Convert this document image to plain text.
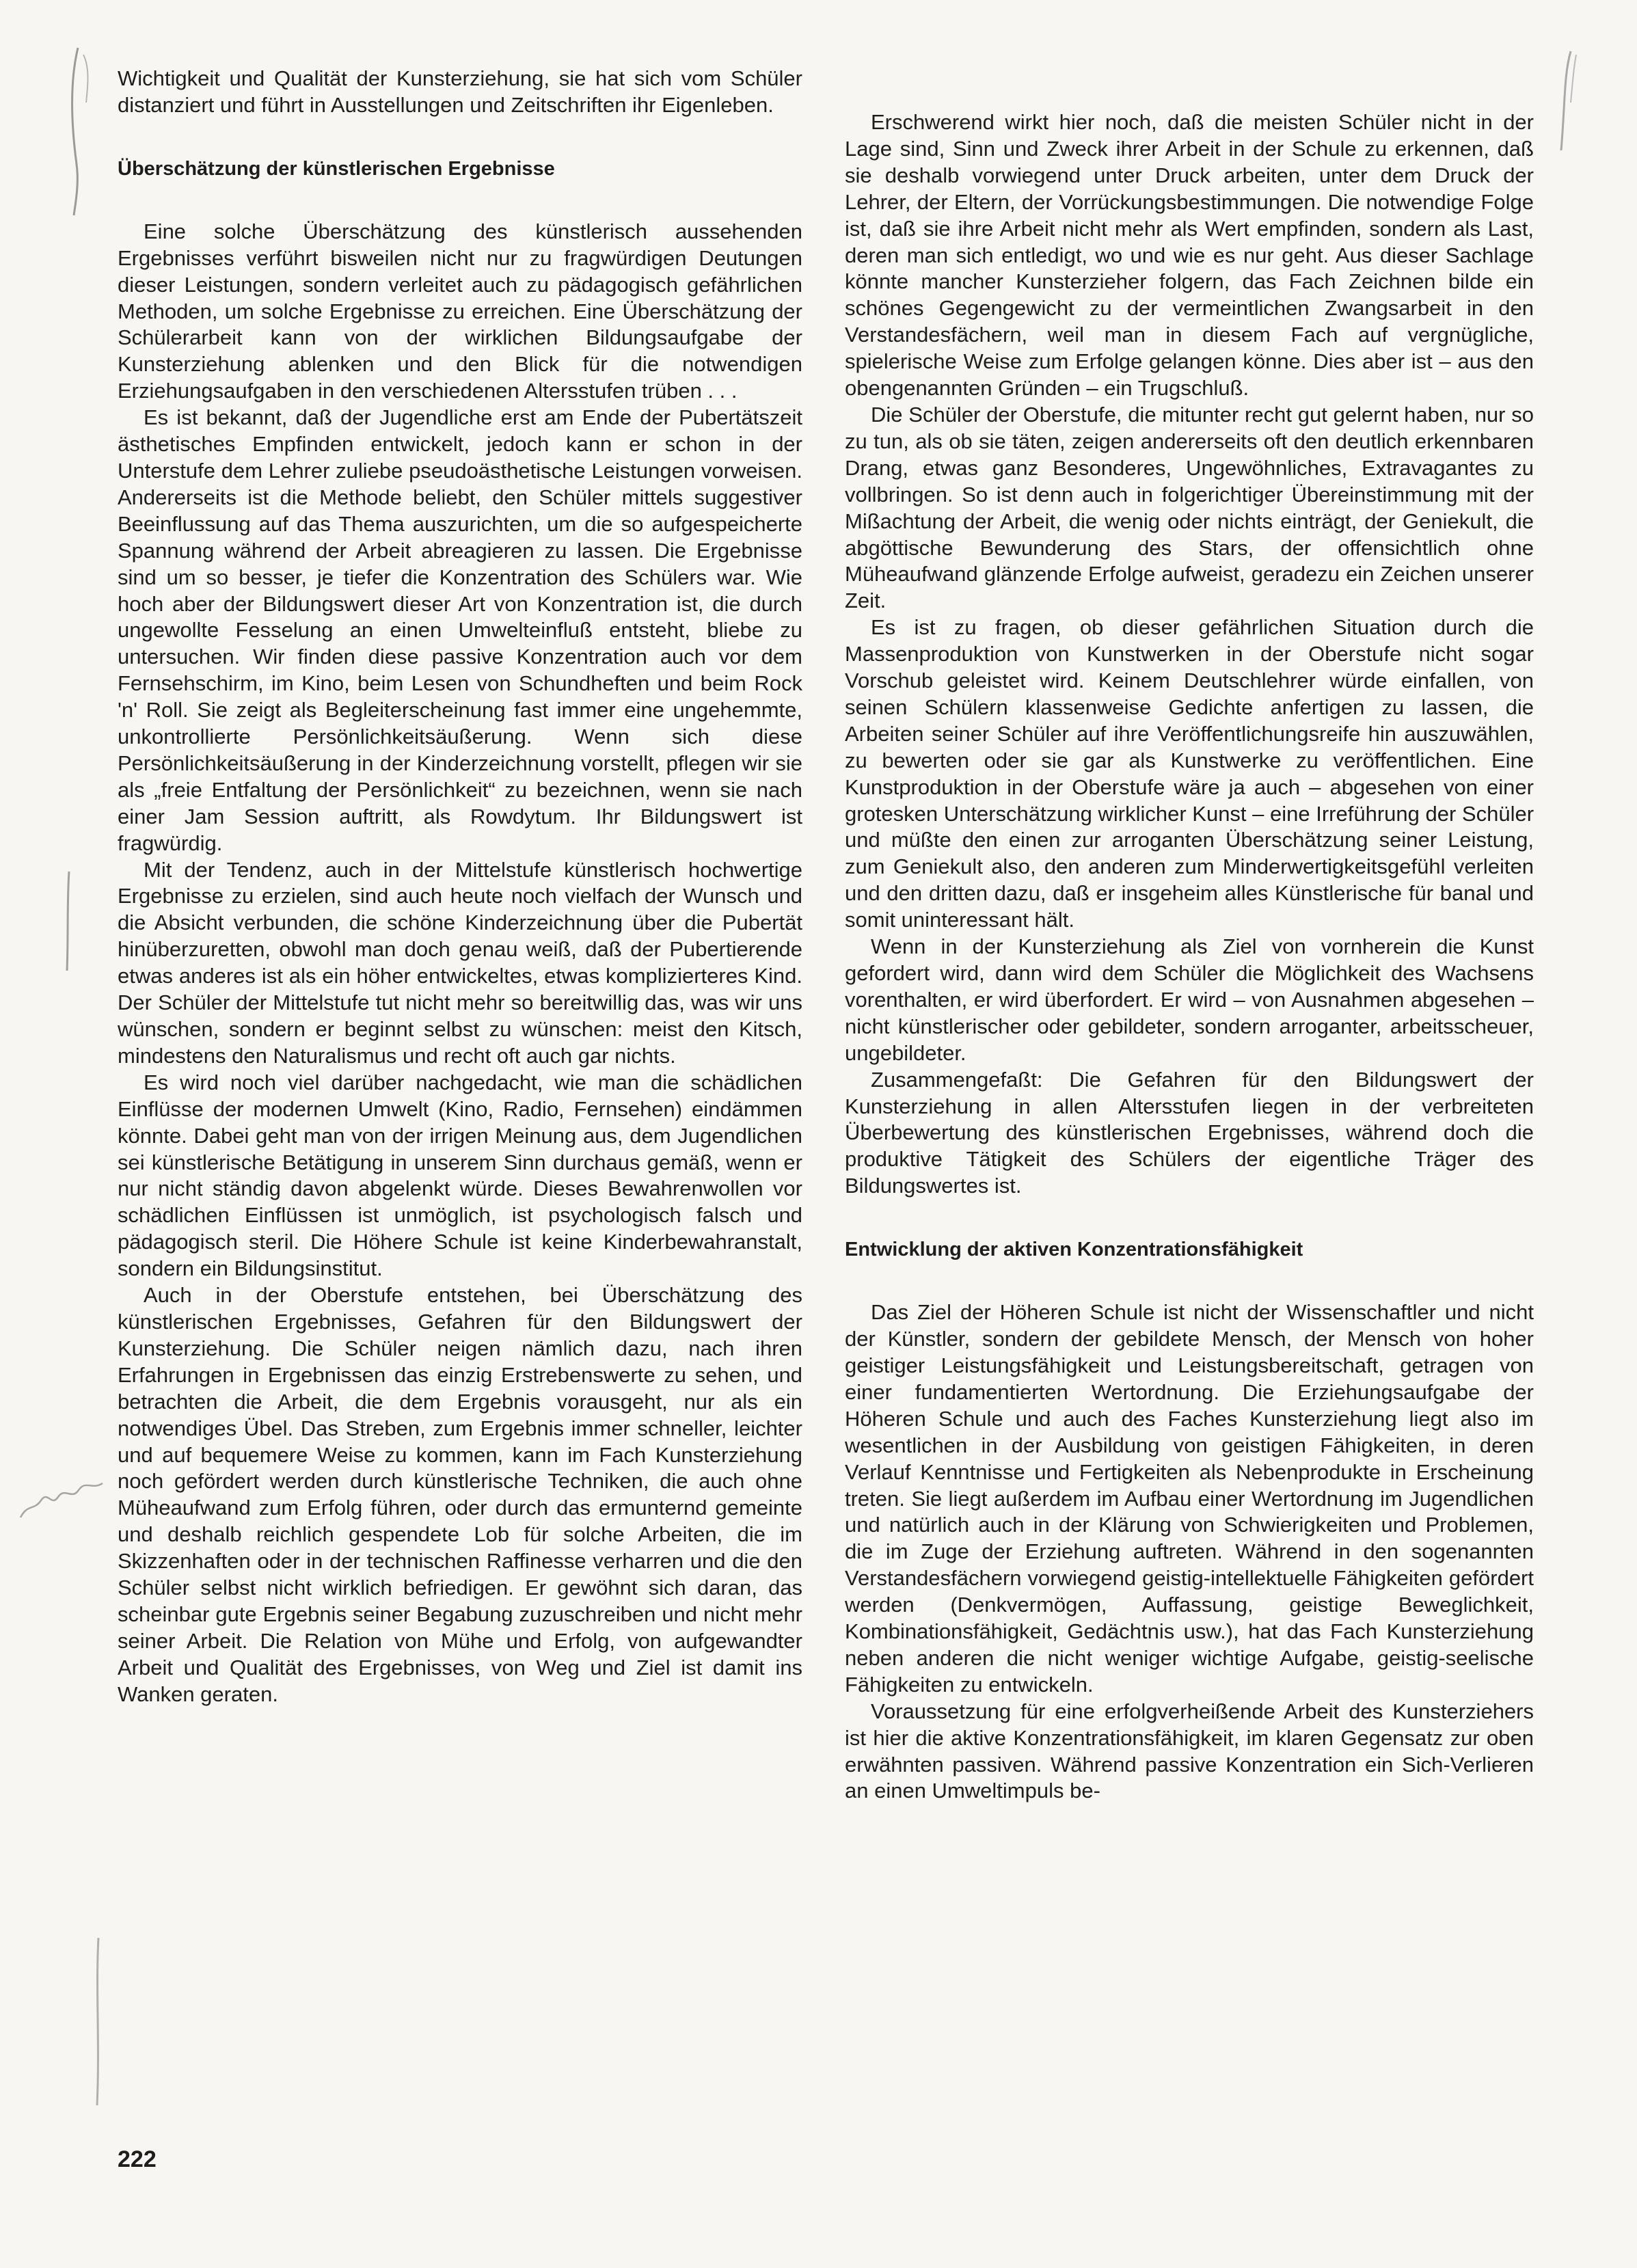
Wichtigkeit und Qualität der Kunsterziehung, sie hat sich vom Schüler distanziert und führt in Ausstellungen und Zeitschriften ihr Eigenleben.

Überschätzung der künstlerischen Ergebnisse

Eine solche Überschätzung des künstlerisch aussehenden Ergebnisses verführt bisweilen nicht nur zu fragwürdigen Deutungen dieser Leistungen, sondern verleitet auch zu pädagogisch gefährlichen Methoden, um solche Ergebnisse zu erreichen. Eine Überschätzung der Schülerarbeit kann von der wirklichen Bildungsaufgabe der Kunsterziehung ablenken und den Blick für die notwendigen Erziehungsaufgaben in den verschiedenen Altersstufen trüben . . .

Es ist bekannt, daß der Jugendliche erst am Ende der Pubertätszeit ästhetisches Empfinden entwickelt, jedoch kann er schon in der Unterstufe dem Lehrer zuliebe pseudoästhetische Leistungen vorweisen. Andererseits ist die Methode beliebt, den Schüler mittels suggestiver Beeinflussung auf das Thema auszurichten, um die so aufgespeicherte Spannung während der Arbeit abreagieren zu lassen. Die Ergebnisse sind um so besser, je tiefer die Konzentration des Schülers war. Wie hoch aber der Bildungswert dieser Art von Konzentration ist, die durch ungewollte Fesselung an einen Umwelteinfluß entsteht, bliebe zu untersuchen. Wir finden diese passive Konzentration auch vor dem Fernsehschirm, im Kino, beim Lesen von Schundheften und beim Rock 'n' Roll. Sie zeigt als Begleiterscheinung fast immer eine ungehemmte, unkontrollierte Persönlichkeitsäußerung. Wenn sich diese Persönlichkeitsäußerung in der Kinderzeichnung vorstellt, pflegen wir sie als „freie Entfaltung der Persönlichkeit“ zu bezeichnen, wenn sie nach einer Jam Session auftritt, als Rowdytum. Ihr Bildungswert ist fragwürdig.

Mit der Tendenz, auch in der Mittelstufe künstlerisch hochwertige Ergebnisse zu erzielen, sind auch heute noch vielfach der Wunsch und die Absicht verbunden, die schöne Kinderzeichnung über die Pubertät hinüberzuretten, obwohl man doch genau weiß, daß der Pubertierende etwas anderes ist als ein höher entwickeltes, etwas komplizierteres Kind. Der Schüler der Mittelstufe tut nicht mehr so bereitwillig das, was wir uns wünschen, sondern er beginnt selbst zu wünschen: meist den Kitsch, mindestens den Naturalismus und recht oft auch gar nichts.

Es wird noch viel darüber nachgedacht, wie man die schädlichen Einflüsse der modernen Umwelt (Kino, Radio, Fernsehen) eindämmen könnte. Dabei geht man von der irrigen Meinung aus, dem Jugendlichen sei künstlerische Betätigung in unserem Sinn durchaus gemäß, wenn er nur nicht ständig davon abgelenkt würde. Dieses Bewahrenwollen vor schädlichen Einflüssen ist unmöglich, ist psychologisch falsch und pädagogisch steril. Die Höhere Schule ist keine Kinderbewahranstalt, sondern ein Bildungsinstitut.

Auch in der Oberstufe entstehen, bei Überschätzung des künstlerischen Ergebnisses, Gefahren für den Bildungswert der Kunsterziehung. Die Schüler neigen nämlich dazu, nach ihren Erfahrungen in Ergebnissen das einzig Erstrebenswerte zu sehen, und betrachten die Arbeit, die dem Ergebnis vorausgeht, nur als ein notwendiges Übel. Das Streben, zum Ergebnis immer schneller, leichter und auf bequemere Weise zu kommen, kann im Fach Kunsterziehung noch gefördert werden durch künstlerische Techniken, die auch ohne Müheaufwand zum Erfolg führen, oder durch das ermunternd gemeinte und deshalb reichlich gespendete Lob für solche Arbeiten, die im Skizzenhaften oder in der technischen Raffinesse verharren und die den Schüler selbst nicht wirklich befriedigen. Er gewöhnt sich daran, das scheinbar gute Ergebnis seiner Begabung zuzuschreiben und nicht mehr seiner Arbeit. Die Relation von Mühe und Erfolg, von aufgewandter Arbeit und Qualität des Ergebnisses, von Weg und Ziel ist damit ins Wanken geraten.

Erschwerend wirkt hier noch, daß die meisten Schüler nicht in der Lage sind, Sinn und Zweck ihrer Arbeit in der Schule zu erkennen, daß sie deshalb vorwiegend unter Druck arbeiten, unter dem Druck der Lehrer, der Eltern, der Vorrückungsbestimmungen. Die notwendige Folge ist, daß sie ihre Arbeit nicht mehr als Wert empfinden, sondern als Last, deren man sich entledigt, wo und wie es nur geht. Aus dieser Sachlage könnte mancher Kunsterzieher folgern, das Fach Zeichnen bilde ein schönes Gegengewicht zu der vermeintlichen Zwangsarbeit in den Verstandesfächern, weil man in diesem Fach auf vergnügliche, spielerische Weise zum Erfolge gelangen könne. Dies aber ist – aus den obengenannten Gründen – ein Trugschluß.

Die Schüler der Oberstufe, die mitunter recht gut gelernt haben, nur so zu tun, als ob sie täten, zeigen andererseits oft den deutlich erkennbaren Drang, etwas ganz Besonderes, Ungewöhnliches, Extravagantes zu vollbringen. So ist denn auch in folgerichtiger Übereinstimmung mit der Mißachtung der Arbeit, die wenig oder nichts einträgt, der Geniekult, die abgöttische Bewunderung des Stars, der offensichtlich ohne Müheaufwand glänzende Erfolge aufweist, geradezu ein Zeichen unserer Zeit.

Es ist zu fragen, ob dieser gefährlichen Situation durch die Massenproduktion von Kunstwerken in der Oberstufe nicht sogar Vorschub geleistet wird. Keinem Deutschlehrer würde einfallen, von seinen Schülern klassenweise Gedichte anfertigen zu lassen, die Arbeiten seiner Schüler auf ihre Veröffentlichungsreife hin auszuwählen, zu bewerten oder sie gar als Kunstwerke zu veröffentlichen. Eine Kunstproduktion in der Oberstufe wäre ja auch – abgesehen von einer grotesken Unterschätzung wirklicher Kunst – eine Irreführung der Schüler und müßte den einen zur arroganten Überschätzung seiner Leistung, zum Geniekult also, den anderen zum Minderwertigkeitsgefühl verleiten und den dritten dazu, daß er insgeheim alles Künstlerische für banal und somit uninteressant hält.

Wenn in der Kunsterziehung als Ziel von vornherein die Kunst gefordert wird, dann wird dem Schüler die Möglichkeit des Wachsens vorenthalten, er wird überfordert. Er wird – von Ausnahmen abgesehen – nicht künstlerischer oder gebildeter, sondern arroganter, arbeitsscheuer, ungebildeter.

Zusammengefaßt: Die Gefahren für den Bildungswert der Kunsterziehung in allen Altersstufen liegen in der verbreiteten Überbewertung des künstlerischen Ergebnisses, während doch die produktive Tätigkeit des Schülers der eigentliche Träger des Bildungswertes ist.

Entwicklung der aktiven Konzentrationsfähigkeit

Das Ziel der Höheren Schule ist nicht der Wissenschaftler und nicht der Künstler, sondern der gebildete Mensch, der Mensch von hoher geistiger Leistungsfähigkeit und Leistungsbereitschaft, getragen von einer fundamentierten Wertordnung. Die Erziehungsaufgabe der Höheren Schule und auch des Faches Kunsterziehung liegt also im wesentlichen in der Ausbildung von geistigen Fähigkeiten, in deren Verlauf Kenntnisse und Fertigkeiten als Nebenprodukte in Erscheinung treten. Sie liegt außerdem im Aufbau einer Wertordnung im Jugendlichen und natürlich auch in der Klärung von Schwierigkeiten und Problemen, die im Zuge der Erziehung auftreten. Während in den sogenannten Verstandesfächern vorwiegend geistig-intellektuelle Fähigkeiten gefördert werden (Denkvermögen, Auffassung, geistige Beweglichkeit, Kombinationsfähigkeit, Gedächtnis usw.), hat das Fach Kunsterziehung neben anderen die nicht weniger wichtige Aufgabe, geistig-seelische Fähigkeiten zu entwickeln.

Voraussetzung für eine erfolgverheißende Arbeit des Kunsterziehers ist hier die aktive Konzentrationsfähigkeit, im klaren Gegensatz zur oben erwähnten passiven. Während passive Konzentration ein Sich-Verlieren an einen Umweltimpuls be-

222
